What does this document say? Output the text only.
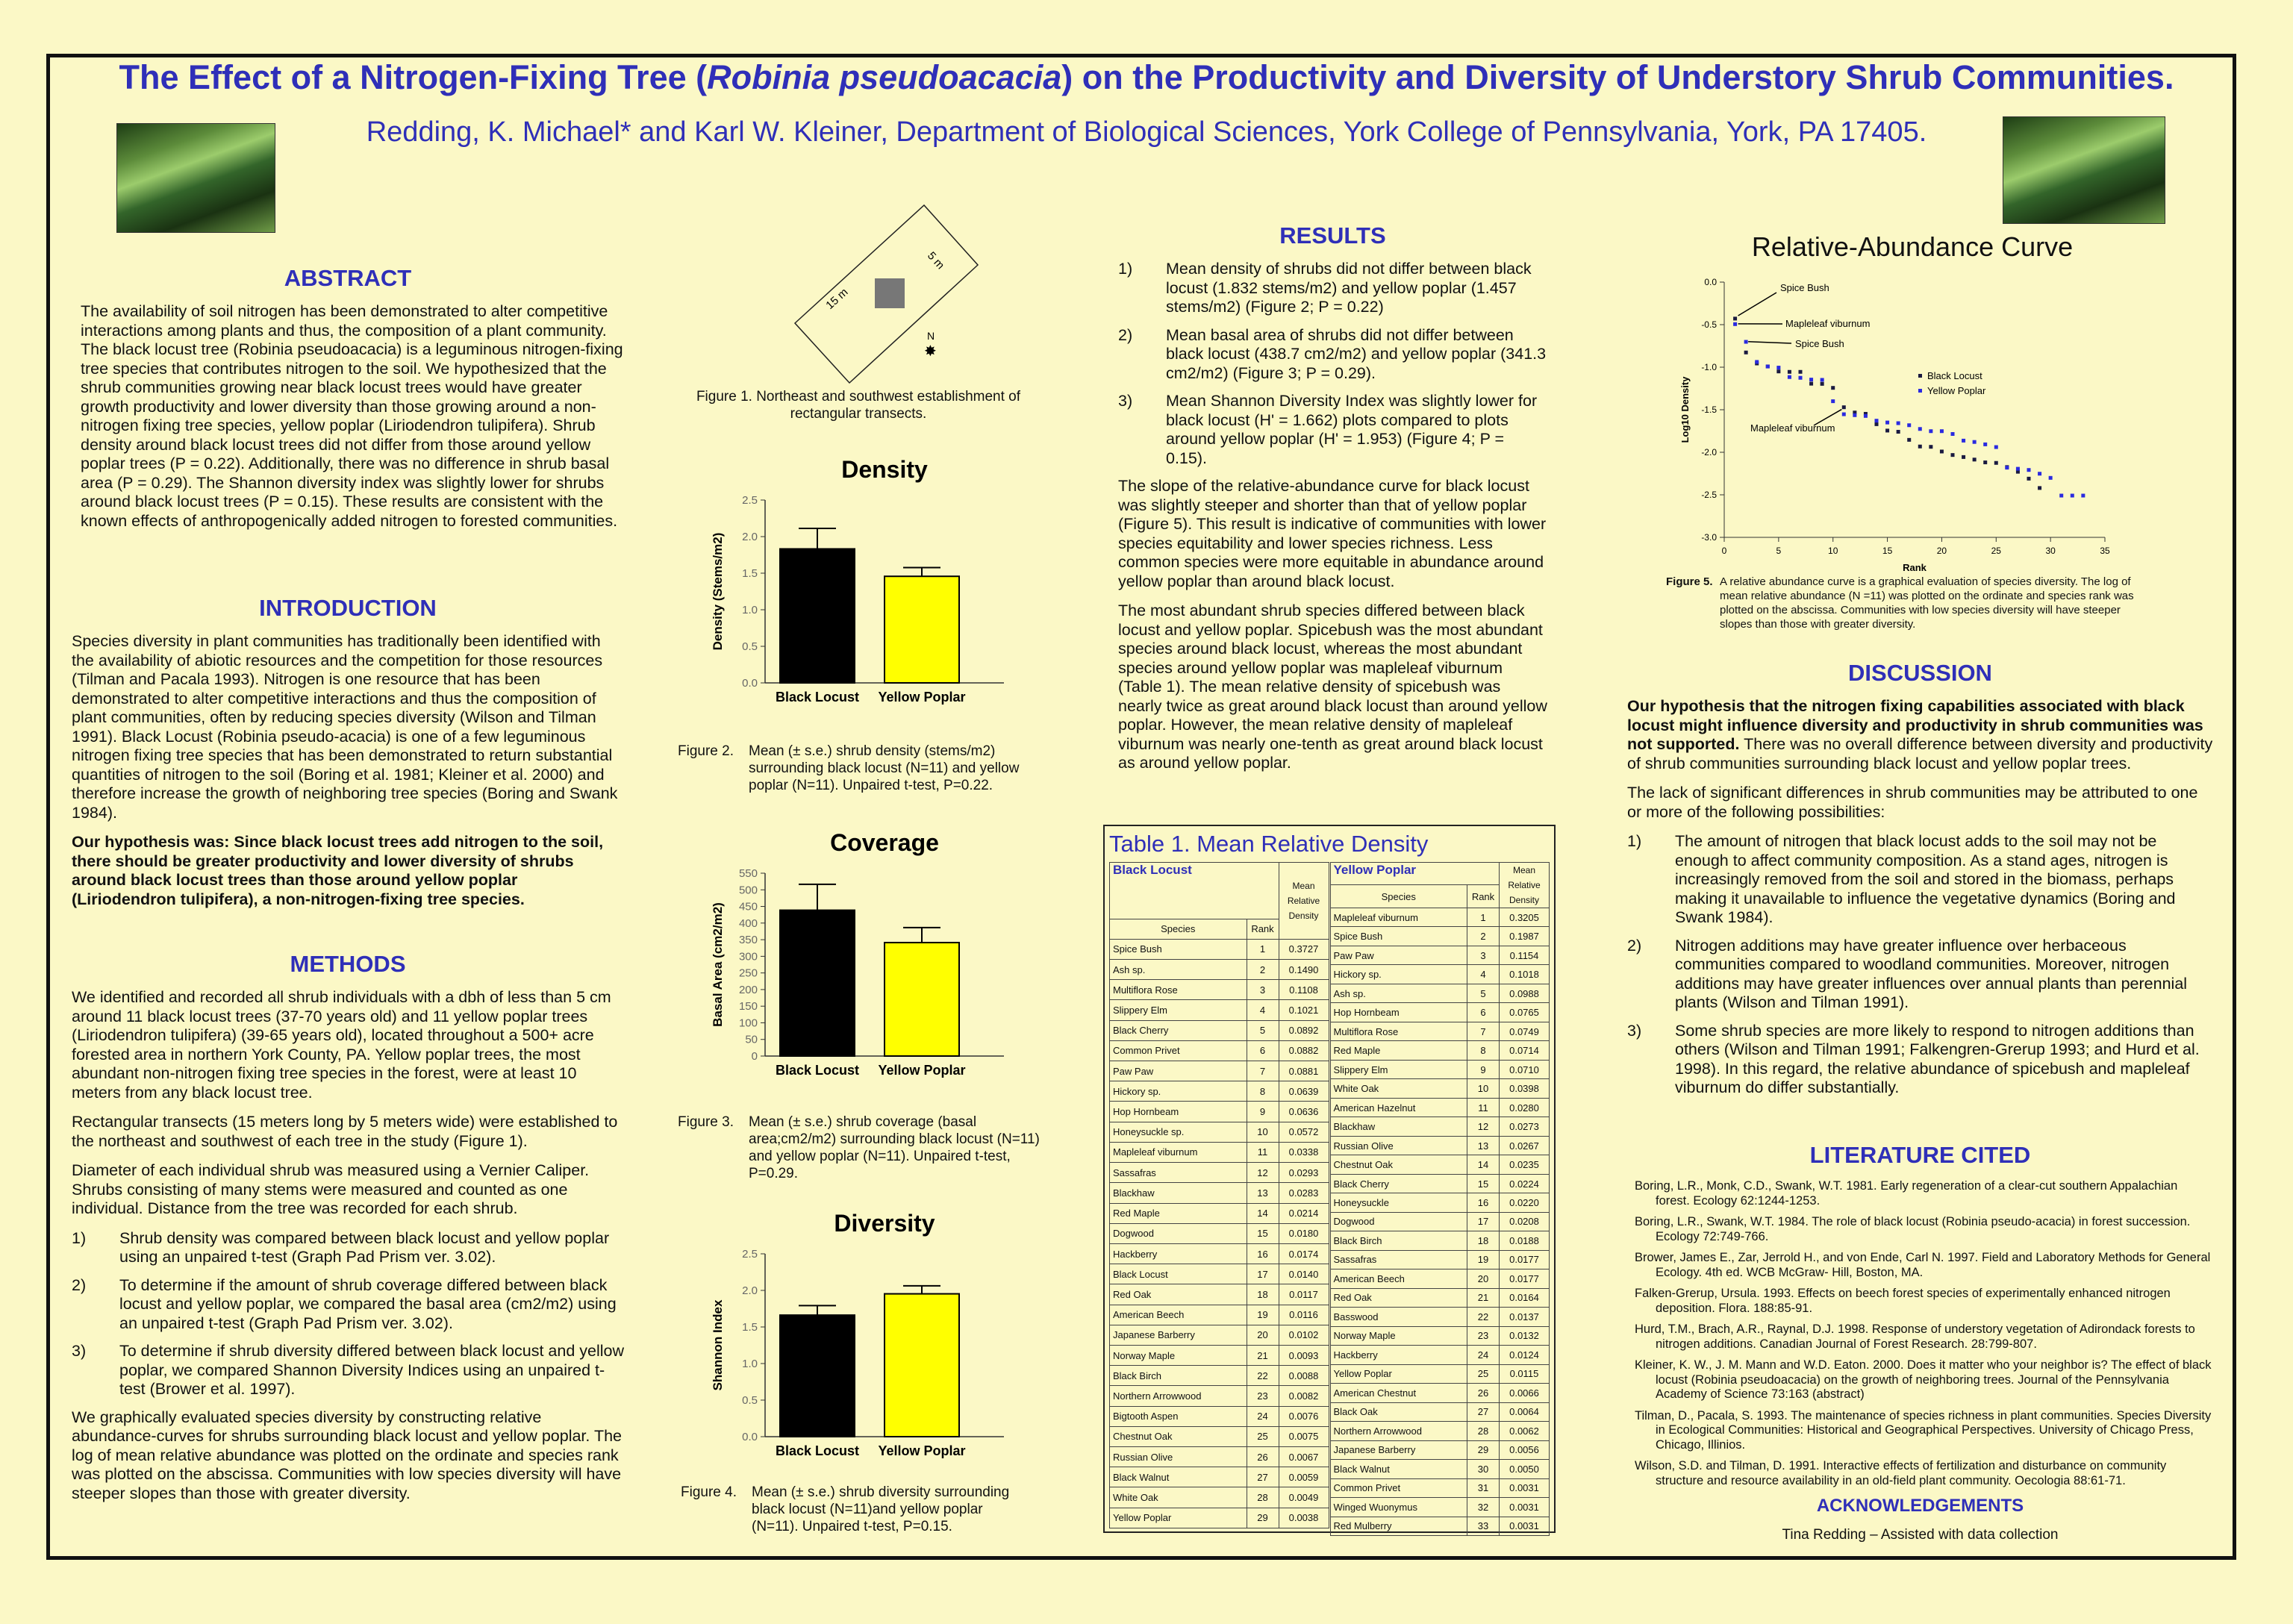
The Effect of a Nitrogen-Fixing Tree (Robinia pseudoacacia) on the Productivity and Diversity of Understory Shrub Communities.
Redding, K. Michael* and Karl W. Kleiner, Department of Biological Sciences, York College of Pennsylvania, York, PA 17405.
ABSTRACT
The availability of soil nitrogen has been demonstrated to alter competitive interactions among plants and thus, the composition of a plant community. The black locust tree (Robinia pseudoacacia) is a leguminous nitrogen-fixing tree species that contributes nitrogen to the soil. We hypothesized that the shrub communities growing near black locust trees would have greater growth productivity and lower diversity than those growing around a non-nitrogen fixing tree species, yellow poplar (Liriodendron tulipifera). Shrub density around black locust trees did not differ from those around yellow poplar trees (P = 0.22). Additionally, there was no difference in shrub basal area (P = 0.29). The Shannon diversity index was slightly lower for shrubs around black locust trees (P = 0.15). These results are consistent with the known effects of anthropogenically added nitrogen to forested communities.
INTRODUCTION

Species diversity in plant communities has traditionally been identified with the availability of abiotic resources and the competition for those resources (Tilman and Pacala 1993). Nitrogen is one resource that has been demonstrated to alter competitive interactions and thus the composition of plant communities, often by reducing species diversity (Wilson and Tilman 1991). Black Locust (Robinia pseudo-acacia) is one of a few leguminous nitrogen fixing tree species that has been demonstrated to return substantial quantities of nitrogen to the soil (Boring et al. 1981; Kleiner et al. 2000) and therefore increase the growth of neighboring tree species (Boring and Swank 1984).

Our hypothesis was: Since black locust trees add nitrogen to the soil, there should be greater productivity and lower diversity of shrubs around black locust trees than those around yellow poplar (Liriodendron tulipifera), a non-nitrogen-fixing tree species.

METHODS

We identified and recorded all shrub individuals with a dbh of less than 5 cm around 11 black locust trees (37-70 years old) and 11 yellow poplar trees (Liriodendron tulipifera) (39-65 years old), located throughout a 500+ acre forested area in northern York County, PA. Yellow poplar trees, the most abundant non-nitrogen fixing tree species in the forest, were at least 10 meters from any black locust tree.

Rectangular transects (15 meters long by 5 meters wide) were established to the northeast and southwest of each tree in the study (Figure 1).

Diameter of each individual shrub was measured using a Vernier Caliper. Shrubs consisting of many stems were measured and counted as one individual. Distance from the tree was recorded for each shrub.

1)	Shrub density was compared between black locust and yellow poplar using an unpaired t-test (Graph Pad Prism ver. 3.02).
2)	To determine if the amount of shrub coverage differed between black locust and yellow poplar, we compared the basal area (cm2/m2) using an unpaired t-test (Graph Pad Prism ver. 3.02).
3)	To determine if shrub diversity differed between black locust and yellow poplar, we compared Shannon Diversity Indices using an unpaired t-test (Brower et al. 1997).

We graphically evaluated species diversity by constructing relative abundance-curves for shrubs surrounding black locust and yellow poplar. The log of mean relative abundance was plotted on the ordinate and species rank was plotted on the abscissa. Communities with low species diversity will have steeper slopes than those with greater diversity.

15 m
5 m
N
✸
Figure 1. Northeast and southwest establishment of rectangular transects.
Density
0.0
0.5
1.0
1.5
2.0
2.5
Density (Stems/m2)
Black Locust Yellow Poplar
Figure 2.	Mean (± s.e.) shrub density (stems/m2) surrounding black locust (N=11) and yellow poplar (N=11). Unpaired t-test, P=0.22.
Coverage
0
50
100
150
200
250
300
350
400
450
500
550
Basal Area (cm2/m2)
Black Locust Yellow Poplar
Figure 3.	Mean (± s.e.) shrub coverage (basal area;cm2/m2) surrounding black locust (N=11) and yellow poplar (N=11). Unpaired t-test, P=0.29.
Diversity
0.0
0.5
1.0
1.5
2.0
2.5
Shannon Index
Black Locust Yellow Poplar
Figure 4.	Mean (± s.e.) shrub diversity surrounding black locust (N=11)and yellow poplar (N=11). Unpaired t-test, P=0.15.
RESULTS
1)	Mean density of shrubs did not differ between black locust (1.832 stems/m2) and yellow poplar (1.457 stems/m2) (Figure 2; P = 0.22)
2)	Mean basal area of shrubs did not differ between black locust (438.7 cm2/m2) and yellow poplar (341.3 cm2/m2) (Figure 3; P = 0.29).
3)	Mean Shannon Diversity Index was slightly lower for black locust (H' = 1.662) plots compared to plots around yellow poplar (H' = 1.953) (Figure 4; P = 0.15).

The slope of the relative-abundance curve for black locust was slightly steeper and shorter than that of yellow poplar (Figure 5). This result is indicative of communities with lower species equitability and lower species richness. Less common species were more equitable in abundance around yellow poplar than around black locust.

The most abundant shrub species differed between black locust and yellow poplar. Spicebush was the most abundant species around black locust, whereas the most abundant species around yellow poplar was mapleleaf viburnum (Table 1). The mean relative density of spicebush was nearly twice as great around black locust than around yellow poplar. However, the mean relative density of mapleleaf viburnum was nearly one-tenth as great around black locust as around yellow poplar.

Table 1. Mean Relative Density
Black Locust		Mean Relative Density
Species	Rank	
Spice Bush	1	0.3727
Ash sp.	2	0.1490
Multiflora Rose	3	0.1108
Slippery Elm	4	0.1021
Black Cherry	5	0.0892
Common Privet	6	0.0882
Paw Paw	7	0.0881
Hickory sp.	8	0.0639
Hop Hornbeam	9	0.0636
Honeysuckle sp.	10	0.0572
Mapleleaf viburnum	11	0.0338
Sassafras	12	0.0293
Blackhaw	13	0.0283
Red Maple	14	0.0214
Dogwood	15	0.0180
Hackberry	16	0.0174
Black Locust	17	0.0140
Red Oak	18	0.0117
American Beech	19	0.0116
Japanese Barberry	20	0.0102
Norway Maple	21	0.0093
Black Birch	22	0.0088
Northern Arrowwood	23	0.0082
Bigtooth Aspen	24	0.0076
Chestnut Oak	25	0.0075
Russian Olive	26	0.0067
Black Walnut	27	0.0059
White Oak	28	0.0049
Yellow Poplar	29	0.0038
Yellow Poplar		Mean Relative Density
Species	Rank	
Mapleleaf viburnum	1	0.3205
Spice Bush	2	0.1987
Paw Paw	3	0.1154
Hickory sp.	4	0.1018
Ash sp.	5	0.0988
Hop Hornbeam	6	0.0765
Multiflora Rose	7	0.0749
Red Maple	8	0.0714
Slippery Elm	9	0.0710
White Oak	10	0.0398
American Hazelnut	11	0.0280
Blackhaw	12	0.0273
Russian Olive	13	0.0267
Chestnut Oak	14	0.0235
Black Cherry	15	0.0224
Honeysuckle	16	0.0220
Dogwood	17	0.0208
Black Birch	18	0.0188
Sassafras	19	0.0177
American Beech	20	0.0177
Red Oak	21	0.0164
Basswood	22	0.0137
Norway Maple	23	0.0132
Hackberry	24	0.0124
Yellow Poplar	25	0.0115
American Chestnut	26	0.0066
Black Oak	27	0.0064
Northern Arrowwood	28	0.0062
Japanese Barberry	29	0.0056
Black Walnut	30	0.0050
Common Privet	31	0.0031
Winged Wuonymus	32	0.0031
Red Mulberry	33	0.0031
Relative-Abundance Curve
0	5	10	15	20	25	30	35
0.0
-0.5
-1.0
-1.5
-2.0
-2.5
-3.0
Rank
Log10 Density
Black Locust
Yellow Poplar
Spice Bush
Mapleleaf viburnum
Spice Bush
Mapleleaf viburnum
Figure 5. A relative abundance curve is a graphical evaluation of species diversity. The log of mean relative abundance (N =11) was plotted on the ordinate and species rank was plotted on the abscissa. Communities with low species diversity will have steeper slopes than those with greater diversity.
DISCUSSION

Our hypothesis that the nitrogen fixing capabilities associated with black locust might influence diversity and productivity in shrub communities was not supported. There was no overall difference between diversity and productivity of shrub communities surrounding black locust and yellow poplar trees.

The lack of significant differences in shrub communities may be attributed to one or more of the following possibilities:

1)	The amount of nitrogen that black locust adds to the soil may not be enough to affect community composition. As a stand ages, nitrogen is increasingly removed from the soil and stored in the biomass, perhaps making it unavailable to influence the vegetative dynamics (Boring and Swank 1984).
2)	Nitrogen additions may have greater influence over herbaceous communities compared to woodland communities. Moreover, nitrogen additions may have greater influences over annual plants than perennial plants (Wilson and Tilman 1991).
3)	Some shrub species are more likely to respond to nitrogen additions than others (Wilson and Tilman 1991; Falkengren-Grerup 1993; and Hurd et al. 1998). In this regard, the relative abundance of spicebush and mapleleaf viburnum do differ substantially.
LITERATURE CITED
Boring, L.R., Monk, C.D., Swank, W.T. 1981. Early regeneration of a clear-cut southern Appalachian forest. Ecology 62:1244-1253.
Boring, L.R., Swank, W.T. 1984. The role of black locust (Robinia pseudo-acacia) in forest succession. Ecology 72:749-766.
Brower, James E., Zar, Jerrold H., and von Ende, Carl N. 1997. Field and Laboratory Methods for General Ecology. 4th ed. WCB McGraw- Hill, Boston, MA.
Falken-Grerup, Ursula. 1993. Effects on beech forest species of experimentally enhanced nitrogen deposition. Flora. 188:85-91.
Hurd, T.M., Brach, A.R., Raynal, D.J. 1998. Response of understory vegetation of Adirondack forests to nitrogen additions. Canadian Journal of Forest Research. 28:799-807.
Kleiner, K. W., J. M. Mann and W.D. Eaton. 2000. Does it matter who your neighbor is? The effect of black locust (Robinia pseudoacacia) on the growth of neighboring trees. Journal of the Pennsylvania Academy of Science 73:163 (abstract)
Tilman, D., Pacala, S. 1993. The maintenance of species richness in plant communities. Species Diversity in Ecological Communities: Historical and Geographical Perspectives. University of Chicago Press, Chicago, Illinios.
Wilson, S.D. and Tilman, D. 1991. Interactive effects of fertilization and disturbance on community structure and resource availability in an old-field plant community. Oecologia 88:61-71.
ACKNOWLEDGEMENTS
Tina Redding – Assisted with data collection
